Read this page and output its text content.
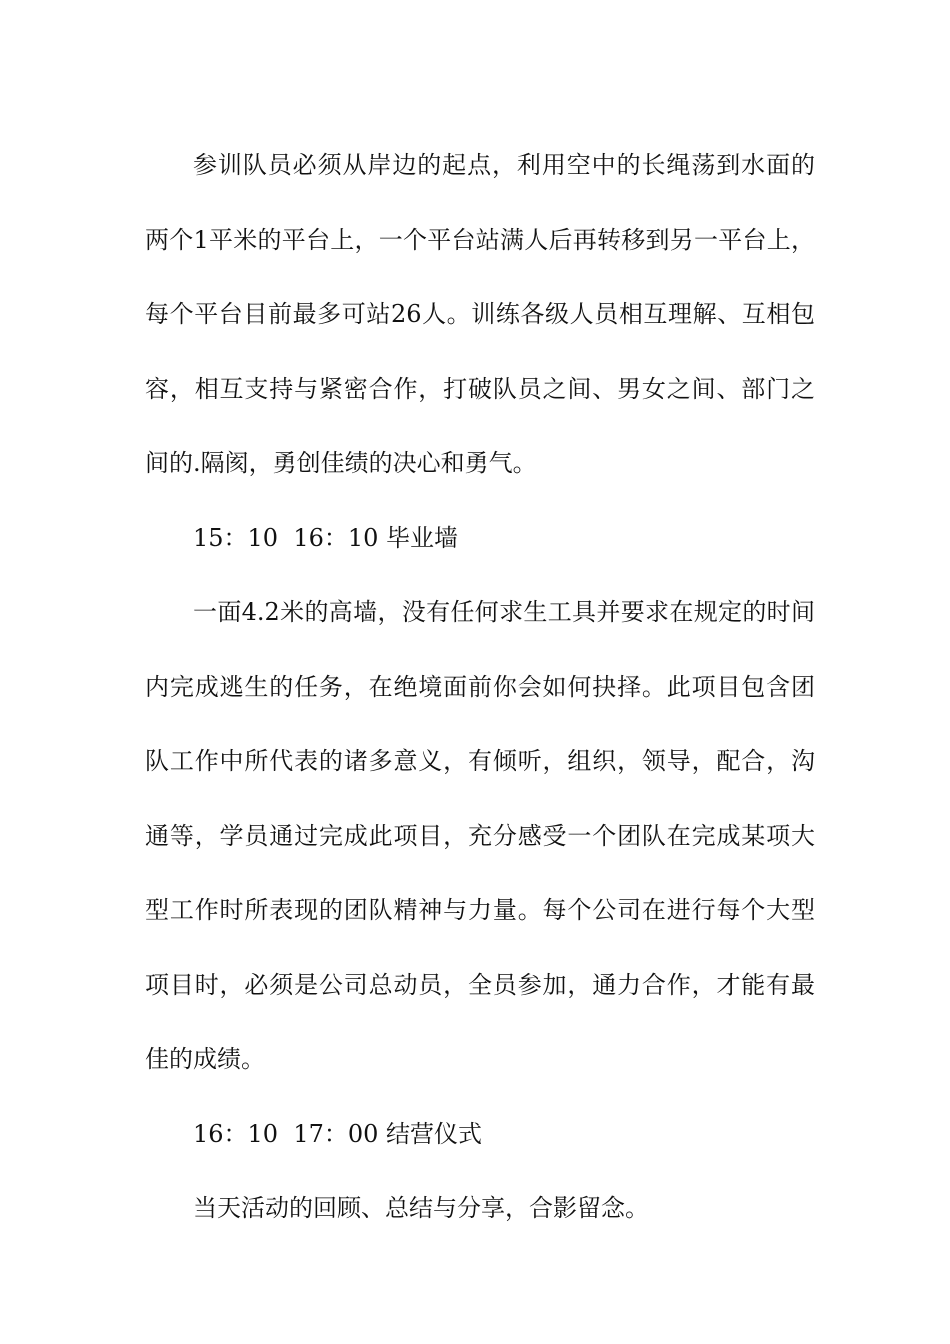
参训队员必须从岸边的起点，利用空中的长绳荡到水面的两个1平米的平台上，一个平台站满人后再转移到另一平台上，每个平台目前最多可站26人。训练各级人员相互理解、互相包容，相互支持与紧密合作，打破队员之间、男女之间、部门之间的.隔阂，勇创佳绩的决心和勇气。

15：10  16：10 毕业墙

一面4.2米的高墙，没有任何求生工具并要求在规定的时间内完成逃生的任务，在绝境面前你会如何抉择。此项目包含团队工作中所代表的诸多意义，有倾听，组织，领导，配合，沟通等，学员通过完成此项目，充分感受一个团队在完成某项大型工作时所表现的团队精神与力量。每个公司在进行每个大型项目时，必须是公司总动员，全员参加，通力合作，才能有最佳的成绩。

16：10  17：00 结营仪式

当天活动的回顾、总结与分享，合影留念。
